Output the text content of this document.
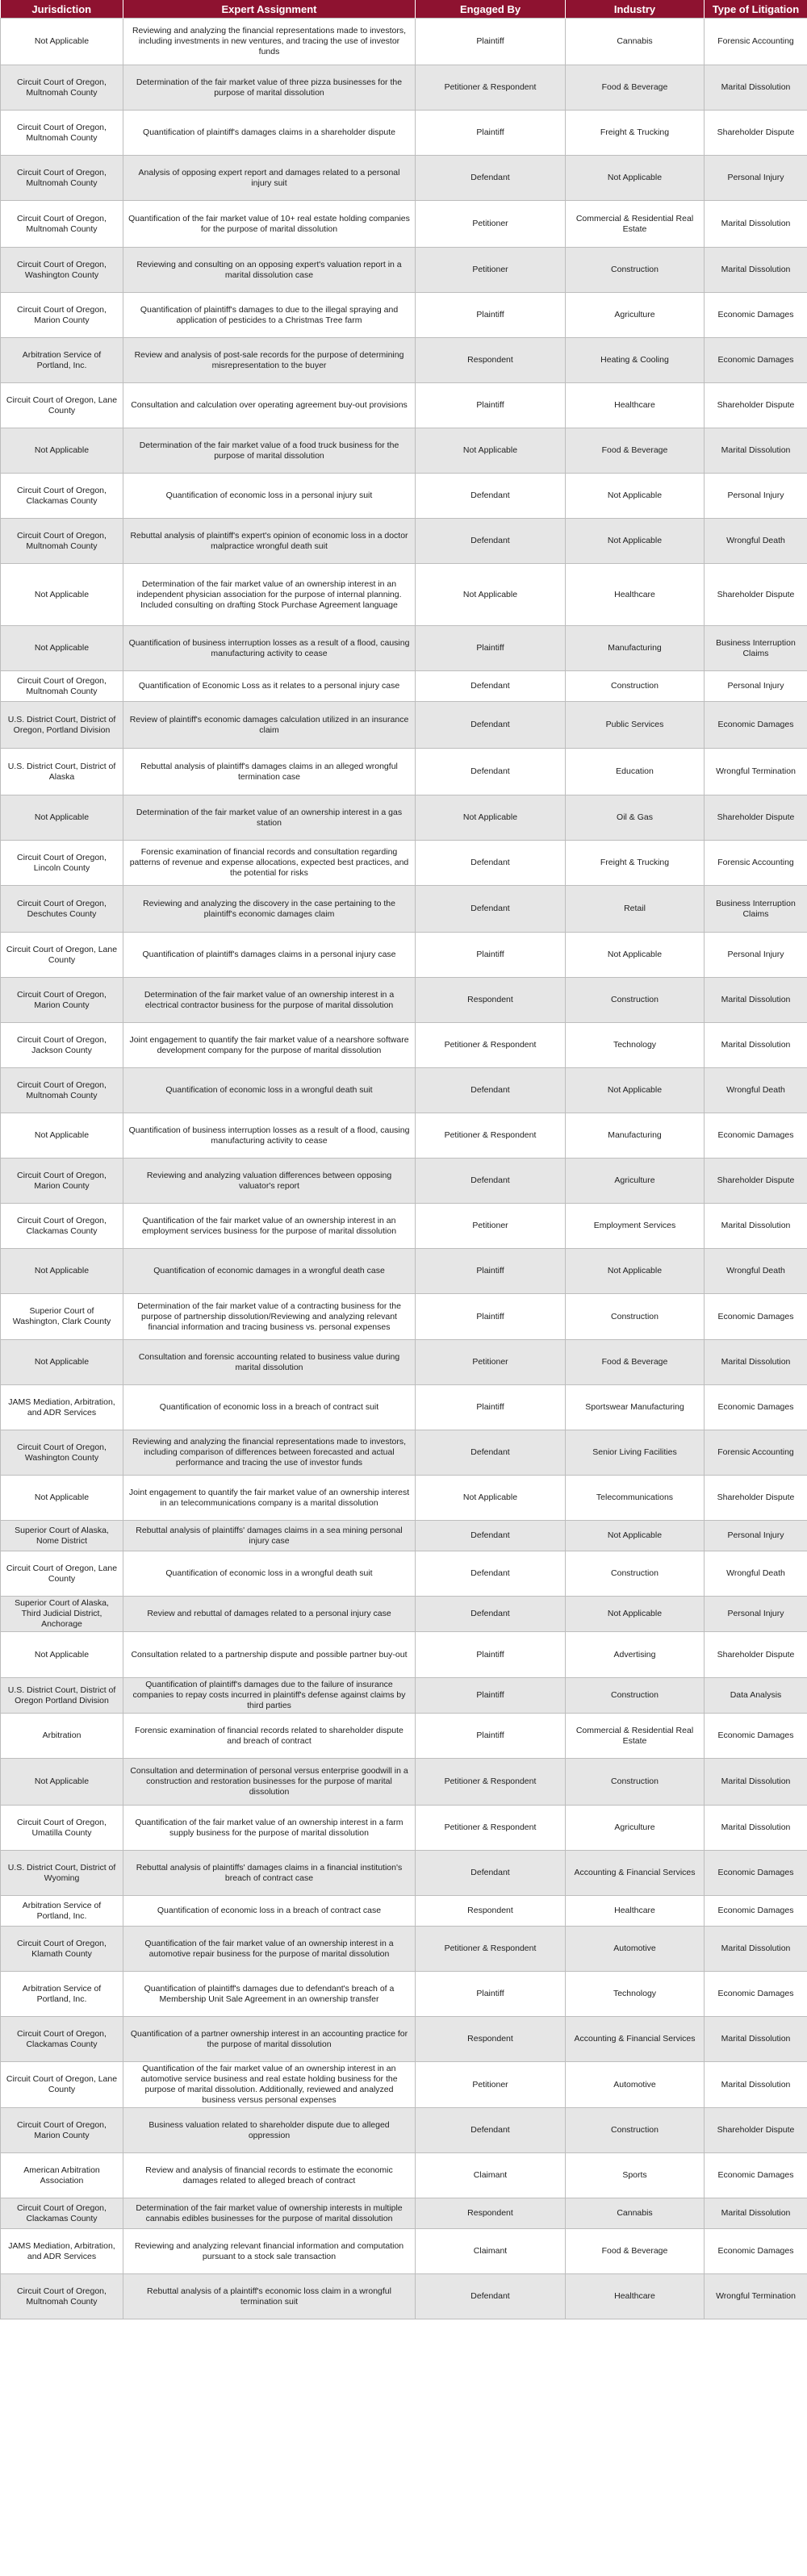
Jurisdiction	Expert Assignment	Engaged By	Industry	Type of Litigation
Not Applicable	Reviewing and analyzing the financial representations made to investors, including investments in new ventures, and tracing the use of investor funds	Plaintiff	Cannabis	Forensic Accounting
Circuit Court of Oregon, Multnomah County	Determination of the fair market value of three pizza businesses for the purpose of marital dissolution	Petitioner & Respondent	Food & Beverage	Marital Dissolution
Circuit Court of Oregon, Multnomah County	Quantification of plaintiff's damages claims in a shareholder dispute	Plaintiff	Freight & Trucking	Shareholder Dispute
Circuit Court of Oregon, Multnomah County	Analysis of opposing expert report and damages related to a personal injury suit	Defendant	Not Applicable	Personal Injury
Circuit Court of Oregon, Multnomah County	Quantification of the fair market value of 10+ real estate holding companies for the purpose of marital dissolution	Petitioner	Commercial & Residential Real Estate	Marital Dissolution
Circuit Court of Oregon, Washington County	Reviewing and consulting on an opposing expert's valuation report in a marital dissolution case	Petitioner	Construction	Marital Dissolution
Circuit Court of Oregon, Marion County	Quantification of plaintiff's damages to due to the illegal spraying and application of pesticides to a Christmas Tree farm	Plaintiff	Agriculture	Economic Damages
Arbitration Service of Portland, Inc.	Review and analysis of post-sale records for the purpose of determining misrepresentation to the buyer	Respondent	Heating & Cooling	Economic Damages
Circuit Court of Oregon, Lane County	Consultation and calculation over operating agreement buy-out provisions	Plaintiff	Healthcare	Shareholder Dispute
Not Applicable	Determination of the fair market value of a food truck business for the purpose of marital dissolution	Not Applicable	Food & Beverage	Marital Dissolution
Circuit Court of Oregon, Clackamas County	Quantification of economic loss in a personal injury suit	Defendant	Not Applicable	Personal Injury
Circuit Court of Oregon, Multnomah County	Rebuttal analysis of plaintiff's expert's opinion of economic loss in a doctor malpractice wrongful death suit	Defendant	Not Applicable	Wrongful Death
Not Applicable	Determination of the fair market value of an ownership interest in an independent physician association for the purpose of internal planning. Included consulting on drafting Stock Purchase Agreement language	Not Applicable	Healthcare	Shareholder Dispute
Not Applicable	Quantification of business interruption losses as a result of a flood, causing manufacturing activity to cease	Plaintiff	Manufacturing	Business Interruption Claims
Circuit Court of Oregon, Multnomah County	Quantification of Economic Loss as it relates to a personal injury case	Defendant	Construction	Personal Injury
U.S. District Court, District of Oregon, Portland Division	Review of plaintiff's economic damages calculation utilized in an insurance claim	Defendant	Public Services	Economic Damages
U.S. District Court, District of Alaska	Rebuttal analysis of plaintiff's damages claims in an alleged wrongful termination case	Defendant	Education	Wrongful Termination
Not Applicable	Determination of the fair market value of an ownership interest in a gas station	Not Applicable	Oil & Gas	Shareholder Dispute
Circuit Court of Oregon, Lincoln County	Forensic examination of financial records and consultation regarding patterns of revenue and expense allocations, expected best practices, and the potential for risks	Defendant	Freight & Trucking	Forensic Accounting
Circuit Court of Oregon, Deschutes County	Reviewing and analyzing the discovery in the case pertaining to the plaintiff's economic damages claim	Defendant	Retail	Business Interruption Claims
Circuit Court of Oregon, Lane County	Quantification of plaintiff's damages claims in a personal injury case	Plaintiff	Not Applicable	Personal Injury
Circuit Court of Oregon, Marion County	Determination of the fair market value of an ownership interest in a electrical contractor business for the purpose of marital dissolution	Respondent	Construction	Marital Dissolution
Circuit Court of Oregon, Jackson County	Joint engagement to quantify the fair market value of a nearshore software development company for the purpose of marital dissolution	Petitioner & Respondent	Technology	Marital Dissolution
Circuit Court of Oregon, Multnomah County	Quantification of economic loss in a wrongful death suit	Defendant	Not Applicable	Wrongful Death
Not Applicable	Quantification of business interruption losses as a result of a flood, causing manufacturing activity to cease	Petitioner & Respondent	Manufacturing	Economic Damages
Circuit Court of Oregon, Marion County	Reviewing and analyzing valuation differences between opposing valuator's report	Defendant	Agriculture	Shareholder Dispute
Circuit Court of Oregon, Clackamas County	Quantification of the fair market value of an ownership interest in an employment services business for the purpose of marital dissolution	Petitioner	Employment Services	Marital Dissolution
Not Applicable	Quantification of economic damages in a wrongful death case	Plaintiff	Not Applicable	Wrongful Death
Superior Court of Washington, Clark County	Determination of the fair market value of a contracting business for the purpose of partnership dissolution/Reviewing and analyzing relevant financial information and tracing business vs. personal expenses	Plaintiff	Construction	Economic Damages
Not Applicable	Consultation and forensic accounting related to business value during marital dissolution	Petitioner	Food & Beverage	Marital Dissolution
JAMS Mediation, Arbitration, and ADR Services	Quantification of economic loss in a breach of contract suit	Plaintiff	Sportswear Manufacturing	Economic Damages
Circuit Court of Oregon, Washington County	Reviewing and analyzing the financial representations made to investors, including comparison of differences between forecasted and actual performance and tracing the use of investor funds	Defendant	Senior Living Facilities	Forensic Accounting
Not Applicable	Joint engagement to quantify the fair market value of an ownership interest in an telecommunications company is a marital dissolution	Not Applicable	Telecommunications	Shareholder Dispute
Superior Court of Alaska, Nome District	Rebuttal analysis of plaintiffs' damages claims in a sea mining personal injury case	Defendant	Not Applicable	Personal Injury
Circuit Court of Oregon, Lane County	Quantification of economic loss in a wrongful death suit	Defendant	Construction	Wrongful Death
Superior Court of Alaska, Third Judicial District, Anchorage	Review and rebuttal of damages related to a personal injury case	Defendant	Not Applicable	Personal Injury
Not Applicable	Consultation related to a partnership dispute and possible partner buy-out	Plaintiff	Advertising	Shareholder Dispute
U.S. District Court, District of Oregon Portland Division	Quantification of plaintiff's damages due to the failure of insurance companies to repay costs incurred in plaintiff's defense against claims by third parties	Plaintiff	Construction	Data Analysis
Arbitration	Forensic examination of financial records related to shareholder dispute and breach of contract	Plaintiff	Commercial & Residential Real Estate	Economic Damages
Not Applicable	Consultation and determination of personal versus enterprise goodwill in a construction and restoration businesses for the purpose of marital dissolution	Petitioner & Respondent	Construction	Marital Dissolution
Circuit Court of Oregon, Umatilla County	Quantification of the fair market value of an ownership interest in a farm supply business for the purpose of marital dissolution	Petitioner & Respondent	Agriculture	Marital Dissolution
U.S. District Court, District of Wyoming	Rebuttal analysis of plaintiffs' damages claims in a financial institution's breach of contract case	Defendant	Accounting & Financial Services	Economic Damages
Arbitration Service of Portland, Inc.	Quantification of economic loss in a breach of contract case	Respondent	Healthcare	Economic Damages
Circuit Court of Oregon, Klamath County	Quantification of the fair market value of an ownership interest in a automotive repair business for the purpose of marital dissolution	Petitioner & Respondent	Automotive	Marital Dissolution
Arbitration Service of Portland, Inc.	Quantification of plaintiff's damages due to defendant's breach of a Membership Unit Sale Agreement in an ownership transfer	Plaintiff	Technology	Economic Damages
Circuit Court of Oregon, Clackamas County	Quantification of a partner ownership interest in an accounting practice for the purpose of marital dissolution	Respondent	Accounting & Financial Services	Marital Dissolution
Circuit Court of Oregon, Lane County	Quantification of the fair market value of an ownership interest in an automotive service business and real estate holding business for the purpose of marital dissolution. Additionally, reviewed and analyzed business versus personal expenses	Petitioner	Automotive	Marital Dissolution
Circuit Court of Oregon, Marion County	Business valuation related to shareholder dispute due to alleged oppression	Defendant	Construction	Shareholder Dispute
American Arbitration Association	Review and analysis of financial records to estimate the economic damages related to alleged breach of contract	Claimant	Sports	Economic Damages
Circuit Court of Oregon, Clackamas County	Determination of the fair market value of ownership interests in multiple cannabis edibles businesses for the purpose of marital dissolution	Respondent	Cannabis	Marital Dissolution
JAMS Mediation, Arbitration, and ADR Services	Reviewing and analyzing relevant financial information and computation pursuant to a stock sale transaction	Claimant	Food & Beverage	Economic Damages
Circuit Court of Oregon, Multnomah County	Rebuttal analysis of a plaintiff's economic loss claim in a wrongful termination suit	Defendant	Healthcare	Wrongful Termination
